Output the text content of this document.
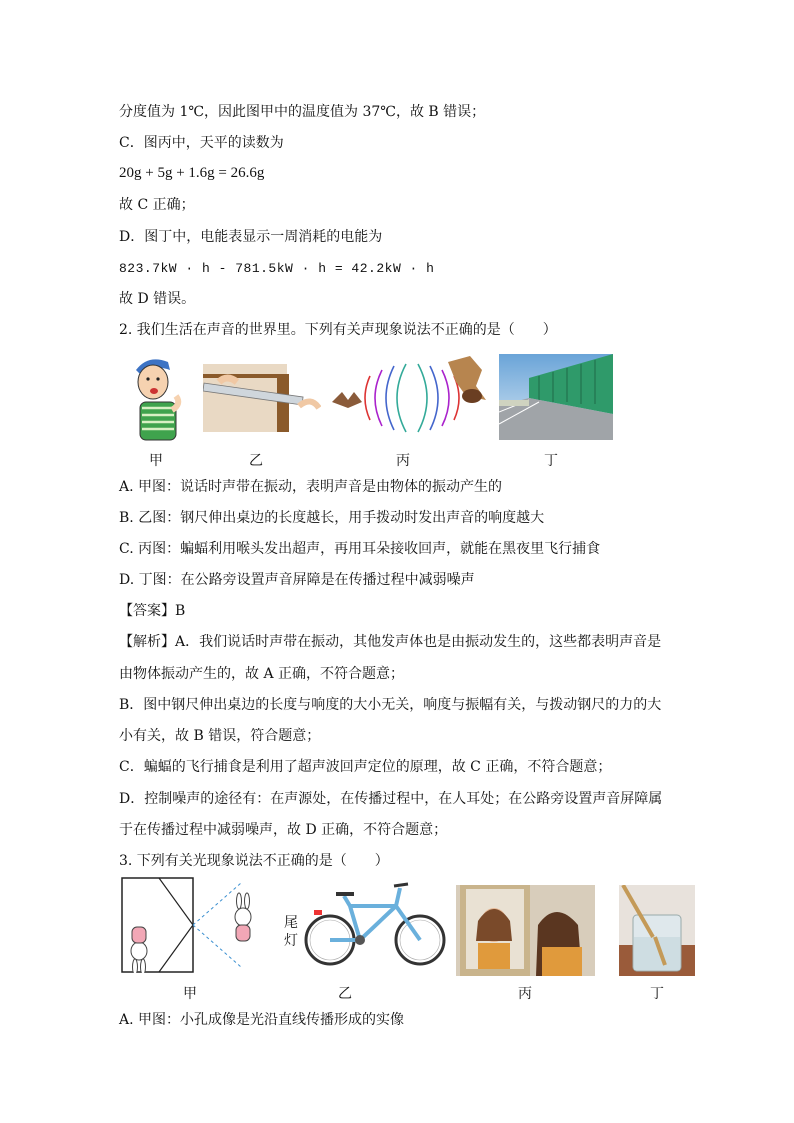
分度值为 1℃，因此图甲中的温度值为 37℃，故 B 错误；
C．图丙中，天平的读数为
20g + 5g + 1.6g = 26.6g
故 C 正确；
D．图丁中，电能表显示一周消耗的电能为
823.7kW · h - 781.5kW · h = 42.2kW · h
故 D 错误。
2. 我们生活在声音的世界里。下列有关声现象说法不正确的是（　　）
甲	乙	丙	丁
A. 甲图：说话时声带在振动，表明声音是由物体的振动产生的
B. 乙图：钢尺伸出桌边的长度越长，用手拨动时发出声音的响度越大
C. 丙图：蝙蝠利用喉头发出超声，再用耳朵接收回声，就能在黑夜里飞行捕食
D. 丁图：在公路旁设置声音屏障是在传播过程中减弱噪声
【答案】B
【解析】A．我们说话时声带在振动，其他发声体也是由振动发生的，这些都表明声音是
由物体振动产生的，故 A 正确，不符合题意；
B．图中钢尺伸出桌边的长度与响度的大小无关，响度与振幅有关，与拨动钢尺的力的大
小有关，故 B 错误，符合题意；
C．蝙蝠的飞行捕食是利用了超声波回声定位的原理，故 C 正确，不符合题意；
D．控制噪声的途径有：在声源处，在传播过程中，在人耳处；在公路旁设置声音屏障属
于在传播过程中减弱噪声，故 D 正确，不符合题意；
3. 下列有关光现象说法不正确的是（　　）
尾
灯
甲	乙	丙	丁
A. 甲图：小孔成像是光沿直线传播形成的实像
